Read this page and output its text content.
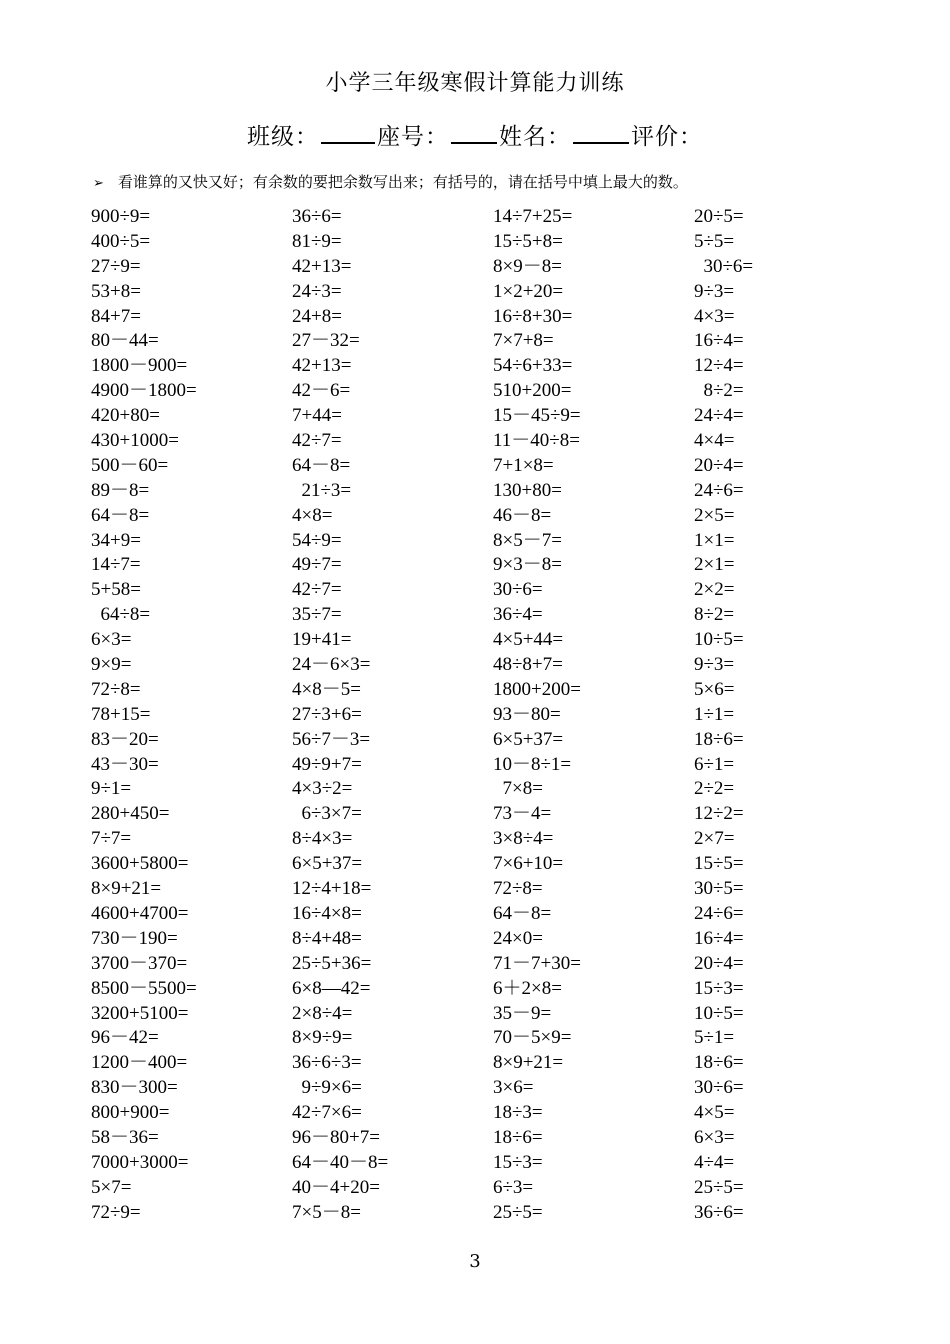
小学三年级寒假计算能力训练
班级：	座号： 姓名：	评价：
➢ 看谁算的又快又好；有余数的要把余数写出来；有括号的，请在括号中填上最大的数。
900÷9=
400÷5=
27÷9=
53+8=
84+7=
80－44=
1800－900=
4900－1800=
420+80=
430+1000=
500－60=
89－8=
64－8=
34+9=
14÷7=
5+58=
64÷8=
6×3=
9×9=
72÷8=
78+15=
83－20=
43－30=
9÷1=
280+450=
7÷7=
3600+5800=
8×9+21=
4600+4700=
730－190=
3700－370=
8500－5500=
3200+5100=
96－42=
1200－400=
830－300=
800+900=
58－36=
7000+3000=
5×7=
72÷9=
36÷6=
81÷9=
42+13=
24÷3=
24+8=
27－32=
42+13=
42－6=
7+44=
42÷7=
64－8=
21÷3=
4×8=
54÷9=
49÷7=
42÷7=
35÷7=
19+41=
24－6×3=
4×8－5=
27÷3+6=
56÷7－3=
49÷9+7=
4×3÷2=
6÷3×7=
8÷4×3=
6×5+37=
12÷4+18=
16÷4×8=
8÷4+48=
25÷5+36=
6×8—42=
2×8÷4=
8×9÷9=
36÷6÷3=
9÷9×6=
42÷7×6=
96－80+7=
64－40－8=
40－4+20=
7×5－8=
14÷7+25=
15÷5+8=
8×9－8=
1×2+20=
16÷8+30=
7×7+8=
54÷6+33=
510+200=
15－45÷9=
11－40÷8=
7+1×8=
130+80=
46－8=
8×5－7=
9×3－8=
30÷6=
36÷4=
4×5+44=
48÷8+7=
1800+200=
93－80=
6×5+37=
10－8÷1=
7×8=
73－4=
3×8÷4=
7×6+10=
72÷8=
64－8=
24×0=
71－7+30=
6＋2×8=
35－9=
70－5×9=
8×9+21=
3×6=
18÷3=
18÷6=
15÷3=
6÷3=
25÷5=
20÷5=
5÷5=
30÷6=
9÷3=
4×3=
16÷4=
12÷4=
8÷2=
24÷4=
4×4=
20÷4=
24÷6=
2×5=
1×1=
2×1=
2×2=
8÷2=
10÷5=
9÷3=
5×6=
1÷1=
18÷6=
6÷1=
2÷2=
12÷2=
2×7=
15÷5=
30÷5=
24÷6=
16÷4=
20÷4=
15÷3=
10÷5=
5÷1=
18÷6=
30÷6=
4×5=
6×3=
4÷4=
25÷5=
36÷6=
3
